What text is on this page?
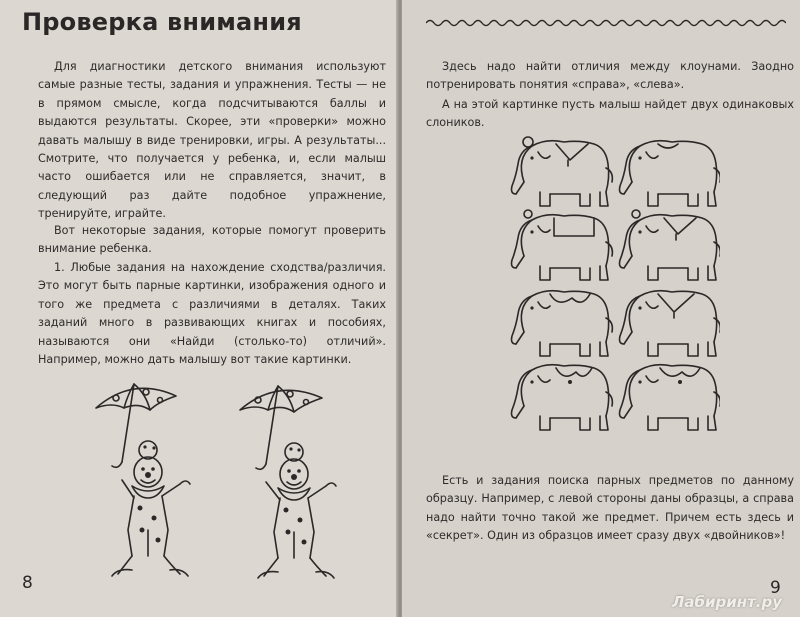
Проверка внимания

Для диагностики детского внимания используют самые разные тесты, задания и упражнения. Тесты — не в прямом смысле, когда подсчитываются баллы и выдаются результаты. Скорее, эти «проверки» можно давать малышу в виде тренировки, игры. А результаты... Смотрите, что получается у ребенка, и, если малыш часто ошибается или не справляется, значит, в следующий раз дайте подобное упражнение, тренируйте, играйте.

Вот некоторые задания, которые помогут проверить внимание ребенка.

1. Любые задания на нахождение сходства/различия. Это могут быть парные картинки, изображения одного и того же предмета с различиями в деталях. Таких заданий много в развивающих книгах и пособиях, называются они «Найди (столько-то) отличий». Например, можно дать малышу вот такие картинки.

8

Здесь надо найти отличия между клоунами. Заодно потренировать понятия «справа», «слева».

А на этой картинке пусть малыш найдет двух одинаковых слоников.

Есть и задания поиска парных предметов по данному образцу. Например, с левой стороны даны образцы, а справа надо найти точно такой же предмет. Причем есть здесь и «секрет». Один из образцов имеет сразу двух «двойников»!

9
Лабиринт.ру
